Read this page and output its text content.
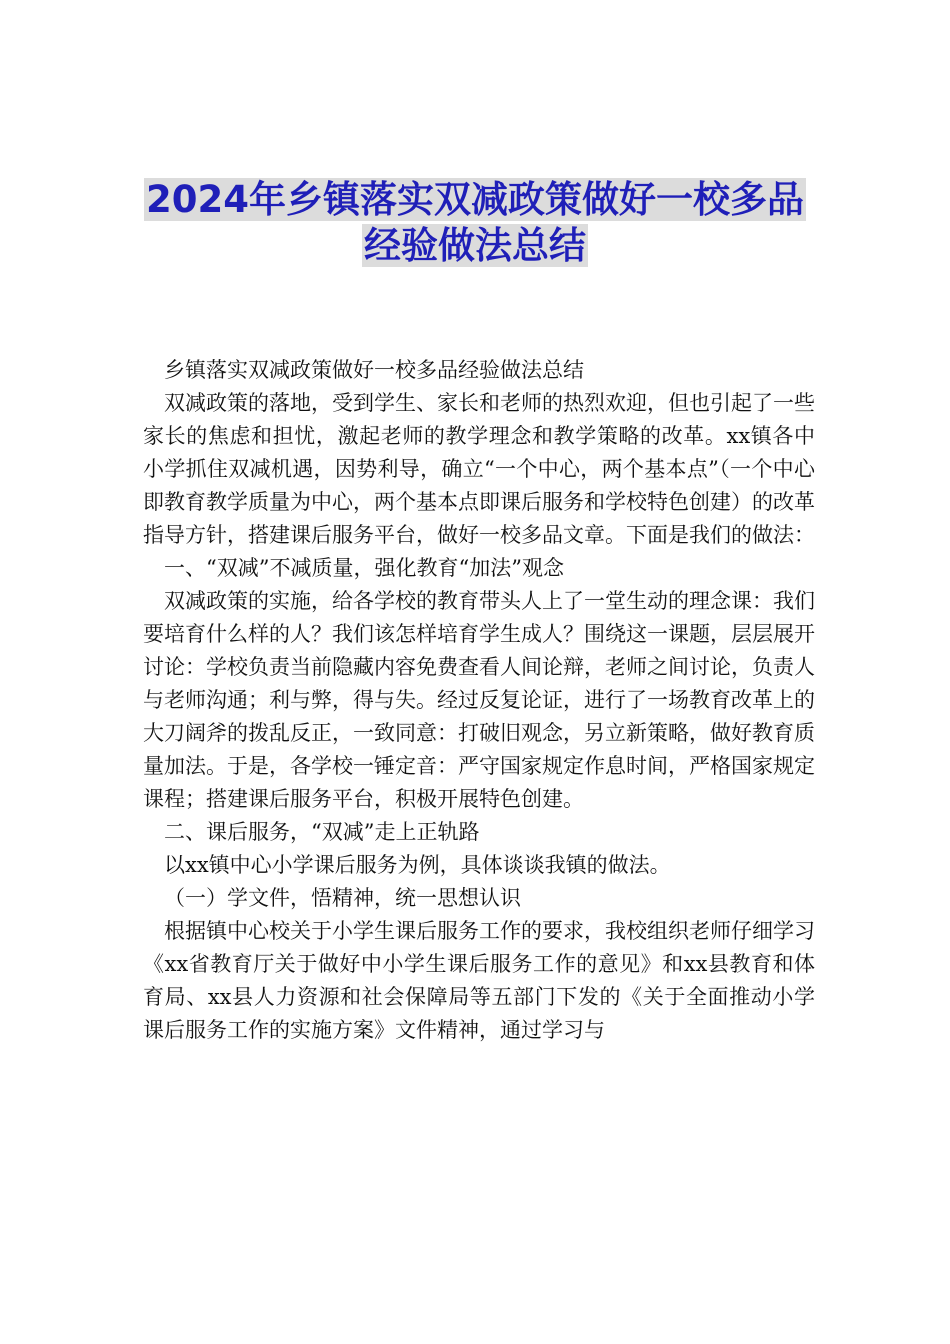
2024年乡镇落实双减政策做好一校多品
经验做法总结

乡镇落实双减政策做好一校多品经验做法总结

双减政策的落地，受到学生、家长和老师的热烈欢迎，但也引起了一些家长的焦虑和担忧，激起老师的教学理念和教学策略的改革。xx镇各中小学抓住双减机遇，因势利导，确立“一个中心，两个基本点”（一个中心即教育教学质量为中心，两个基本点即课后服务和学校特色创建）的改革指导方针，搭建课后服务平台，做好一校多品文章。下面是我们的做法：

一、“双减”不减质量，强化教育“加法”观念

双减政策的实施，给各学校的教育带头人上了一堂生动的理念课：我们要培育什么样的人？我们该怎样培育学生成人？围绕这一课题，层层展开讨论：学校负责当前隐藏内容免费查看人间论辩，老师之间讨论，负责人与老师沟通；利与弊，得与失。经过反复论证，进行了一场教育改革上的大刀阔斧的拨乱反正，一致同意：打破旧观念，另立新策略，做好教育质量加法。于是，各学校一锤定音：严守国家规定作息时间，严格国家规定课程；搭建课后服务平台，积极开展特色创建。

二、课后服务，“双减”走上正轨路

以xx镇中心小学课后服务为例，具体谈谈我镇的做法。

（一）学文件，悟精神，统一思想认识

根据镇中心校关于小学生课后服务工作的要求，我校组织老师仔细学习《xx省教育厅关于做好中小学生课后服务工作的意见》和xx县教育和体育局、xx县人力资源和社会保障局等五部门下发的《关于全面推动小学课后服务工作的实施方案》文件精神，通过学习与
